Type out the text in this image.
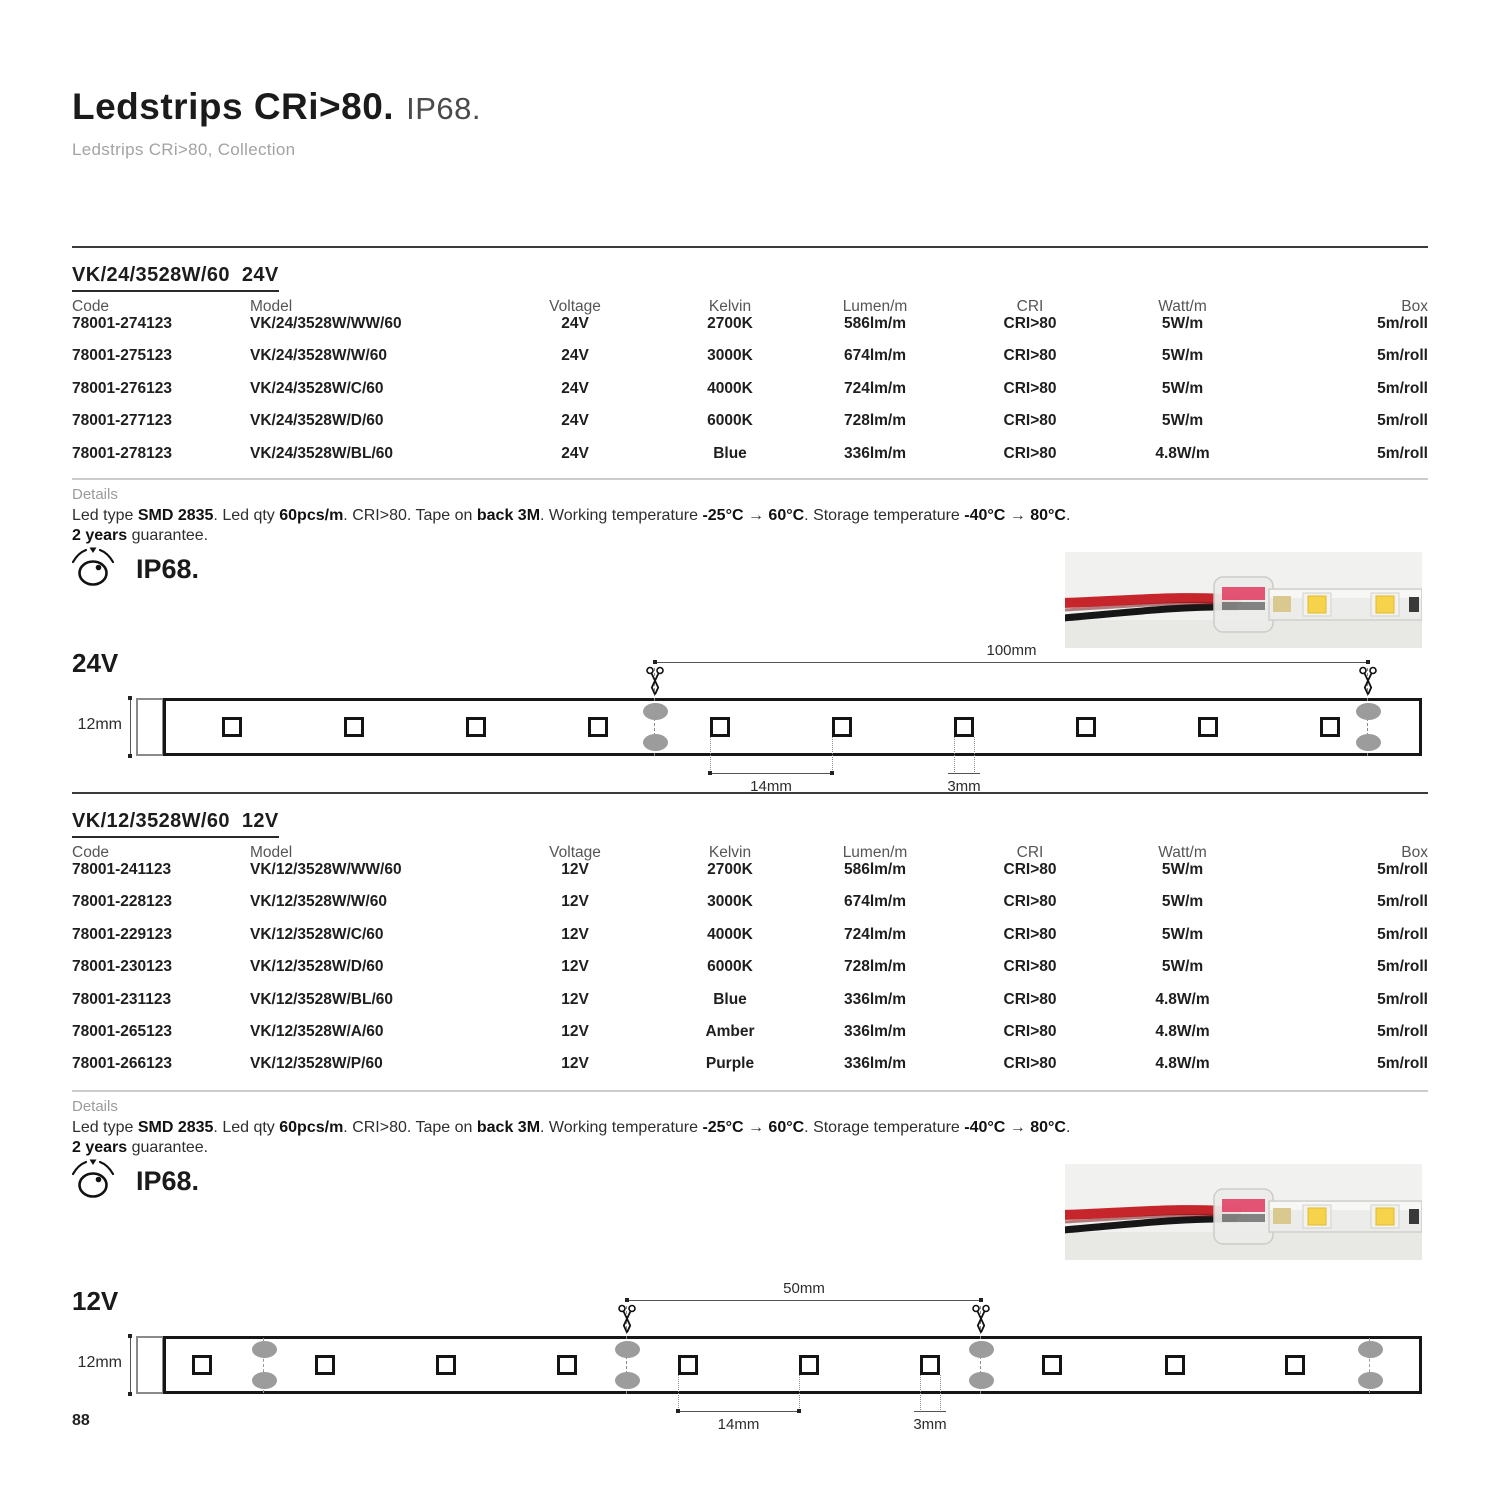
Ledstrips CRi>80. IP68.
Ledstrips CRi>80, Collection
VK/24/3528W/60  24V
Code	Model	Voltage	Kelvin	Lumen/m	CRI	Watt/m	Box
78001-274123	VK/24/3528W/WW/60	24V	2700K	586lm/m	CRI>80	5W/m	5m/roll
78001-275123	VK/24/3528W/W/60	24V	3000K	674lm/m	CRI>80	5W/m	5m/roll
78001-276123	VK/24/3528W/C/60	24V	4000K	724lm/m	CRI>80	5W/m	5m/roll
78001-277123	VK/24/3528W/D/60	24V	6000K	728lm/m	CRI>80	5W/m	5m/roll
78001-278123	VK/24/3528W/BL/60	24V	Blue	336lm/m	CRI>80	4.8W/m	5m/roll
Details
Led type SMD 2835. Led qty 60pcs/m. CRI>80. Tape on back 3M. Working temperature -25°C → 60°C. Storage temperature -40°C → 80°C.
2 years guarantee.
IP68.
24V	100mm
12mm
14mm	3mm
VK/12/3528W/60  12V
Code	Model	Voltage	Kelvin	Lumen/m	CRI	Watt/m	Box
78001-241123	VK/12/3528W/WW/60	12V	2700K	586lm/m	CRI>80	5W/m	5m/roll
78001-228123	VK/12/3528W/W/60	12V	3000K	674lm/m	CRI>80	5W/m	5m/roll
78001-229123	VK/12/3528W/C/60	12V	4000K	724lm/m	CRI>80	5W/m	5m/roll
78001-230123	VK/12/3528W/D/60	12V	6000K	728lm/m	CRI>80	5W/m	5m/roll
78001-231123	VK/12/3528W/BL/60	12V	Blue	336lm/m	CRI>80	4.8W/m	5m/roll
78001-265123	VK/12/3528W/A/60	12V	Amber	336lm/m	CRI>80	4.8W/m	5m/roll
78001-266123	VK/12/3528W/P/60	12V	Purple	336lm/m	CRI>80	4.8W/m	5m/roll
Details
Led type SMD 2835. Led qty 60pcs/m. CRI>80. Tape on back 3M. Working temperature -25°C → 60°C. Storage temperature -40°C → 80°C.
2 years guarantee.
IP68.
12V	50mm
12mm
14mm	3mm
88
